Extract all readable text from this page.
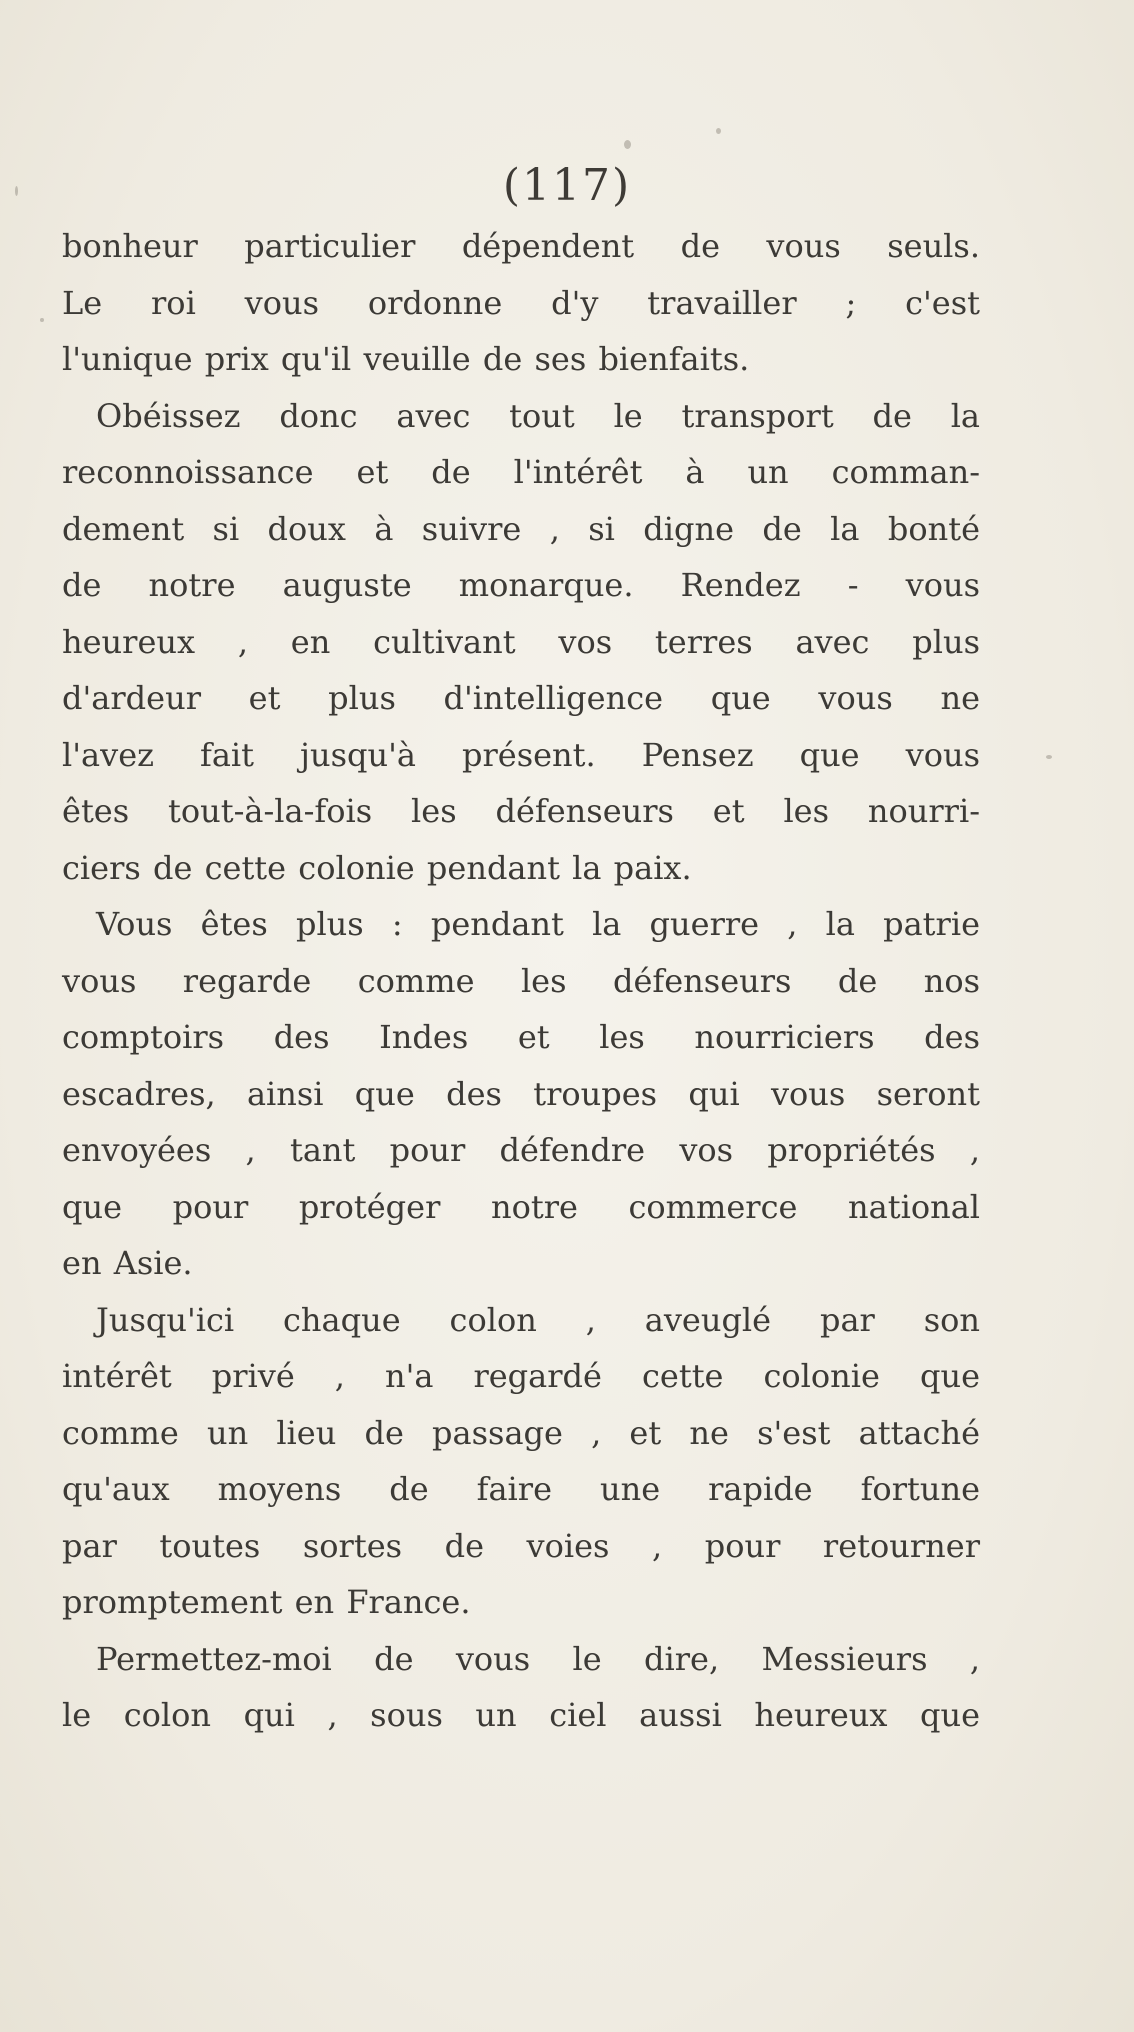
(117)
bonheur particulier dépendent de vous seuls.
Le roi vous ordonne d'y travailler ; c'est
l'unique prix qu'il veuille de ses bienfaits.
Obéissez donc avec tout le transport de la
reconnoissance et de l'intérêt à un comman-
dement si doux à suivre , si digne de la bonté
de notre auguste monarque. Rendez - vous
heureux , en cultivant vos terres avec plus
d'ardeur et plus d'intelligence que vous ne
l'avez fait jusqu'à présent. Pensez que vous
êtes tout-à-la-fois les défenseurs et les nourri-
ciers de cette colonie pendant la paix.
Vous êtes plus : pendant la guerre , la patrie
vous regarde comme les défenseurs de nos
comptoirs des Indes et les nourriciers des
escadres, ainsi que des troupes qui vous seront
envoyées , tant pour défendre vos propriétés ,
que pour protéger notre commerce national
en Asie.
Jusqu'ici chaque colon , aveuglé par son
intérêt privé , n'a regardé cette colonie que
comme un lieu de passage , et ne s'est attaché
qu'aux moyens de faire une rapide fortune
par toutes sortes de voies , pour retourner
promptement en France.
Permettez-moi de vous le dire, Messieurs ,
le colon qui , sous un ciel aussi heureux que
